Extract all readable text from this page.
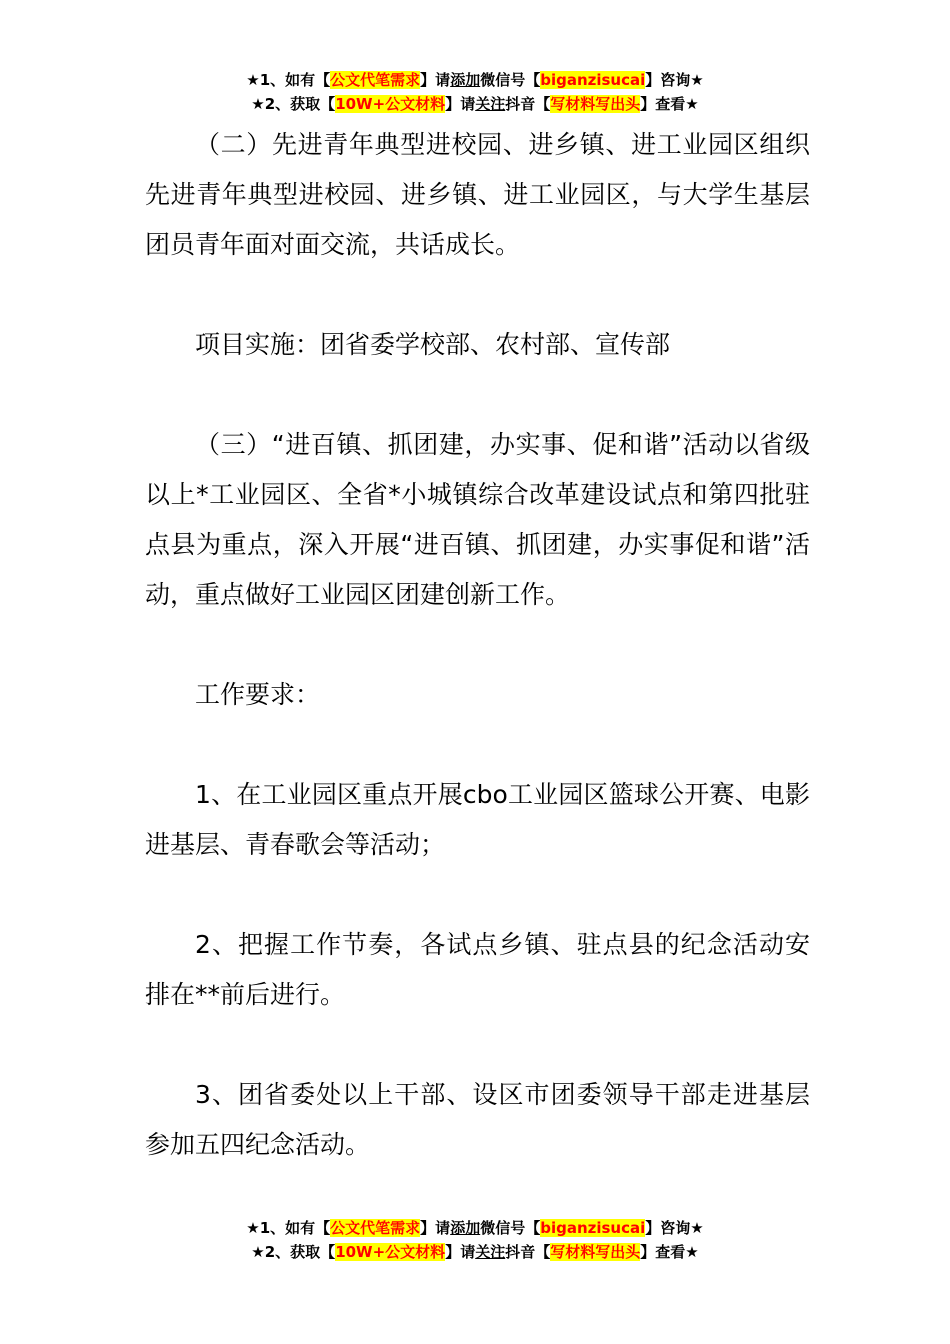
★1、如有【公文代笔需求】请添加微信号【biganzisucai】咨询★
★2、获取【10W+公文材料】请关注抖音【写材料写出头】查看★

（二）先进青年典型进校园、进乡镇、进工业园区组织先进青年典型进校园、进乡镇、进工业园区，与大学生基层团员青年面对面交流，共话成长。

项目实施：团省委学校部、农村部、宣传部

（三）“进百镇、抓团建，办实事、促和谐”活动以省级以上*工业园区、全省*小城镇综合改革建设试点和第四批驻点县为重点，深入开展“进百镇、抓团建，办实事促和谐”活动，重点做好工业园区团建创新工作。

工作要求：

1、在工业园区重点开展cbo工业园区篮球公开赛、电影进基层、青春歌会等活动；

2、把握工作节奏，各试点乡镇、驻点县的纪念活动安排在**前后进行。

3、团省委处以上干部、设区市团委领导干部走进基层参加五四纪念活动。

★1、如有【公文代笔需求】请添加微信号【biganzisucai】咨询★
★2、获取【10W+公文材料】请关注抖音【写材料写出头】查看★
